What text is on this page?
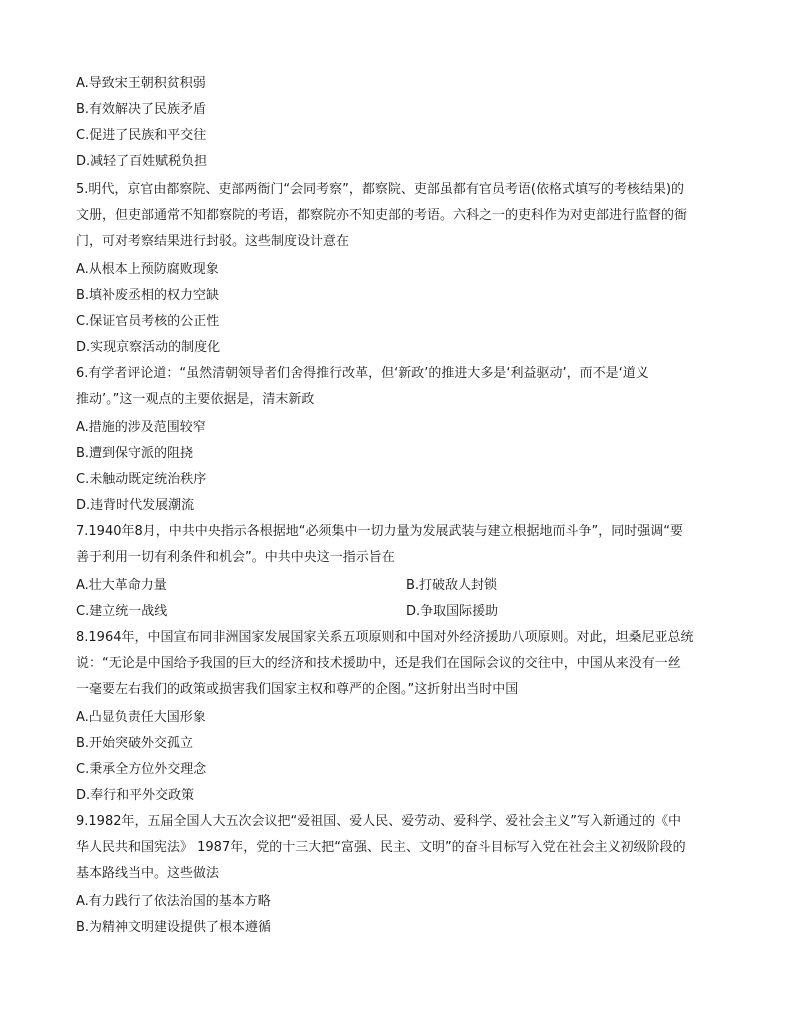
A.导致宋王朝积贫积弱
B.有效解决了民族矛盾
C.促进了民族和平交往
D.减轻了百姓赋税负担
5.明代，京官由都察院、吏部两衙门“会同考察”，都察院、吏部虽都有官员考语(依格式填写的考核结果)的
文册，但吏部通常不知都察院的考语，都察院亦不知吏部的考语。六科之一的吏科作为对吏部进行监督的衙
门，可对考察结果进行封驳。这些制度设计意在
A.从根本上预防腐败现象
B.填补废丞相的权力空缺
C.保证官员考核的公正性
D.实现京察活动的制度化
6.有学者评论道：“虽然清朝领导者们舍得推行改革，但‘新政’的推进大多是‘利益驱动’，而不是‘道义
推动’。”这一观点的主要依据是，清末新政
A.措施的涉及范围较窄
B.遭到保守派的阻挠
C.未触动既定统治秩序
D.违背时代发展潮流
7.1940年8月，中共中央指示各根据地“必须集中一切力量为发展武装与建立根据地而斗争”，同时强调“要
善于利用一切有利条件和机会”。中共中央这一指示旨在
A.壮大革命力量	B.打破敌人封锁
C.建立统一战线	D.争取国际援助
8.1964年，中国宣布同非洲国家发展国家关系五项原则和中国对外经济援助八项原则。对此，坦桑尼亚总统
说：“无论是中国给予我国的巨大的经济和技术援助中，还是我们在国际会议的交往中，中国从来没有一丝
一毫要左右我们的政策或损害我们国家主权和尊严的企图。”这折射出当时中国
A.凸显负责任大国形象
B.开始突破外交孤立
C.秉承全方位外交理念
D.奉行和平外交政策
9.1982年，五届全国人大五次会议把“爱祖国、爱人民、爱劳动、爱科学、爱社会主义”写入新通过的《中
华人民共和国宪法》 1987年，党的十三大把“富强、民主、文明”的奋斗目标写入党在社会主义初级阶段的
基本路线当中。这些做法
A.有力践行了依法治国的基本方略
B.为精神文明建设提供了根本遵循
